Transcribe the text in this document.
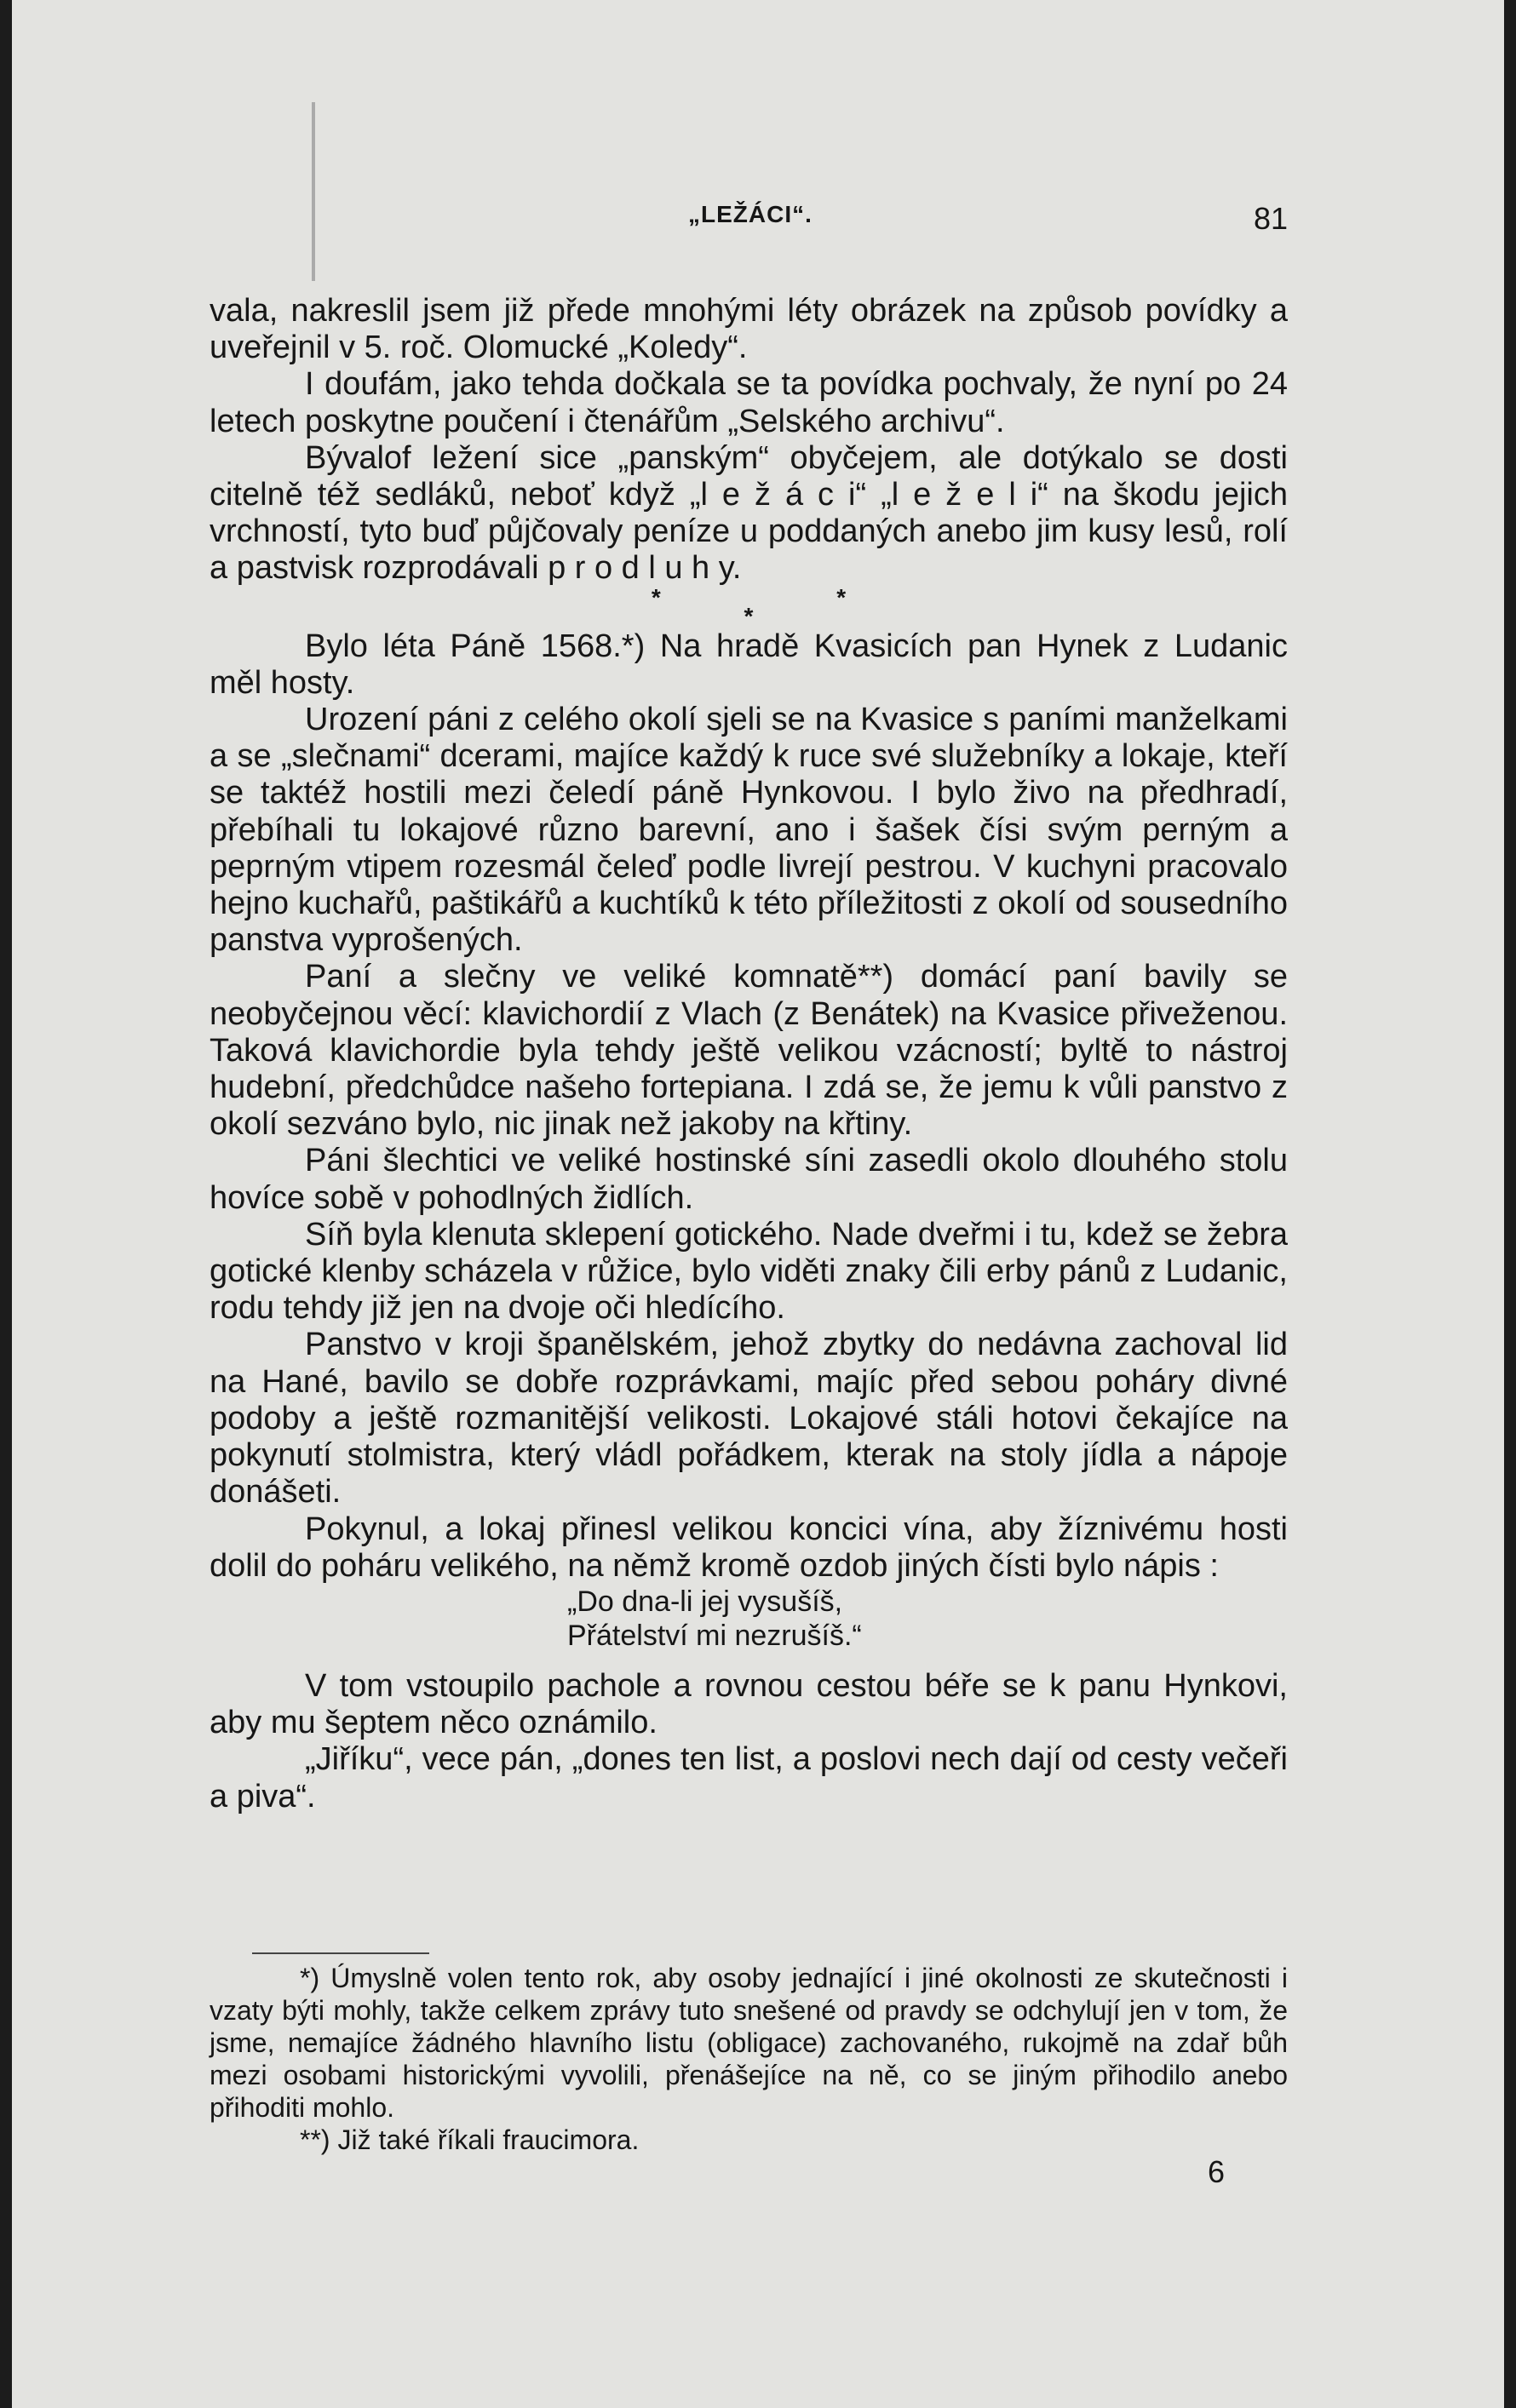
„LEŽÁCI“.	81

vala, nakreslil jsem již přede mnohými léty obrázek na způsob povídky a uveřejnil v 5. roč. Olomucké „Koledy“.

I doufám, jako tehda dočkala se ta povídka pochvaly, že nyní po 24 letech poskytne poučení i čtenářům „Selského archivu“.

Bývalof ležení sice „panským“ obyčejem, ale dotýkalo se dosti citelně též sedláků, neboť když „l e ž á c i“ „l e ž e l i“ na škodu jejich vrchností, tyto buď půjčovaly peníze u poddaných anebo jim kusy lesů, rolí a pastvisk rozprodávali p r o d l u h y.

* * *

Bylo léta Páně 1568.*) Na hradě Kvasicích pan Hynek z Ludanic měl hosty.

Urození páni z celého okolí sjeli se na Kvasice s paními manželkami a se „slečnami“ dcerami, majíce každý k ruce své služebníky a lokaje, kteří se taktéž hostili mezi čeledí páně Hynkovou. I bylo živo na předhradí, přebíhali tu lokajové různo barevní, ano i šašek čísi svým perným a peprným vtipem rozesmál čeleď podle livrejí pestrou. V kuchyni pracovalo hejno kuchařů, paštikářů a kuchtíků k této příležitosti z okolí od sousedního panstva vyprošených.

Paní a slečny ve veliké komnatě**) domácí paní bavily se neobyčejnou věcí: klavichordií z Vlach (z Benátek) na Kvasice přiveženou. Taková klavichordie byla tehdy ještě velikou vzácností; byltě to nástroj hudební, předchůdce našeho fortepiana. I zdá se, že jemu k vůli panstvo z okolí sezváno bylo, nic jinak než jakoby na křtiny.

Páni šlechtici ve veliké hostinské síni zasedli okolo dlouhého stolu hovíce sobě v pohodlných židlích.

Síň byla klenuta sklepení gotického. Nade dveřmi i tu, kdež se žebra gotické klenby scházela v růžice, bylo viděti znaky čili erby pánů z Ludanic, rodu tehdy již jen na dvoje oči hledícího.

Panstvo v kroji španělském, jehož zbytky do nedávna zachoval lid na Hané, bavilo se dobře rozprávkami, majíc před sebou poháry divné podoby a ještě rozmanitější velikosti. Lokajové stáli hotovi čekajíce na pokynutí stolmistra, který vládl pořádkem, kterak na stoly jídla a nápoje donášeti.

Pokynul, a lokaj přinesl velikou koncici vína, aby žíznivému hosti dolil do poháru velikého, na němž kromě ozdob jiných čísti bylo nápis :

„Do dna-li jej vysušíš,
Přátelství mi nezrušíš.“

V tom vstoupilo pachole a rovnou cestou béře se k panu Hynkovi, aby mu šeptem něco oznámilo.

„Jiříku“, vece pán, „dones ten list, a poslovi nech dají od cesty večeři a piva“.

*) Úmyslně volen tento rok, aby osoby jednající i jiné okolnosti ze skutečnosti i vzaty býti mohly, takže celkem zprávy tuto snešené od pravdy se odchylují jen v tom, že jsme, nemajíce žádného hlavního listu (obligace) zachovaného, rukojmě na zdař bůh mezi osobami historickými vyvolili, přenášejíce na ně, co se jiným přihodilo anebo přihoditi mohlo.

**) Již také říkali fraucimora.

6
